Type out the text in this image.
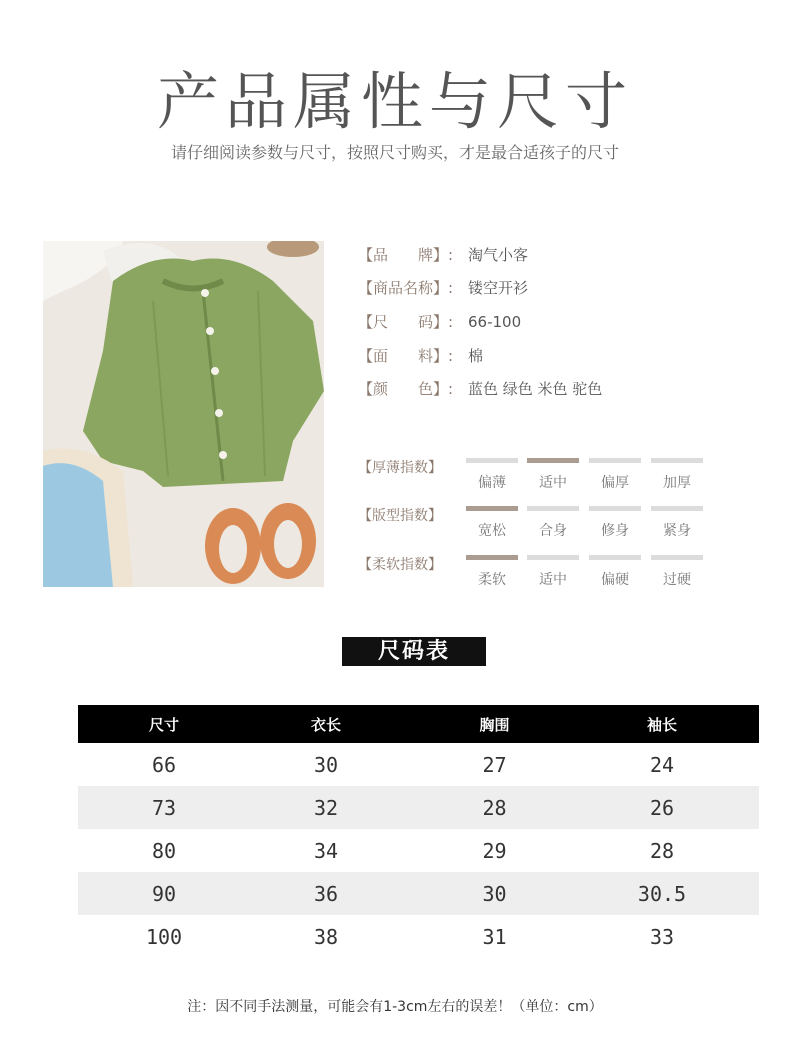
产品属性与尺寸
请仔细阅读参数与尺寸，按照尺寸购买，才是最合适孩子的尺寸
【品　　牌】: 淘气小客
【商品名称】: 镂空开衫
【尺　　码】: 66-100
【面　　料】: 棉
【颜　　色】: 蓝色 绿色 米色 驼色
【厚薄指数】
偏薄	适中	偏厚	加厚
【版型指数】
宽松	合身	修身	紧身
【柔软指数】
柔软	适中	偏硬	过硬
尺码表
尺寸	衣长	胸围	袖长
66	30	27	24
73	32	28	26
80	34	29	28
90	36	30	30.5
100	38	31	33
注：因不同手法测量，可能会有1-3cm左右的误差！（单位：cm）
